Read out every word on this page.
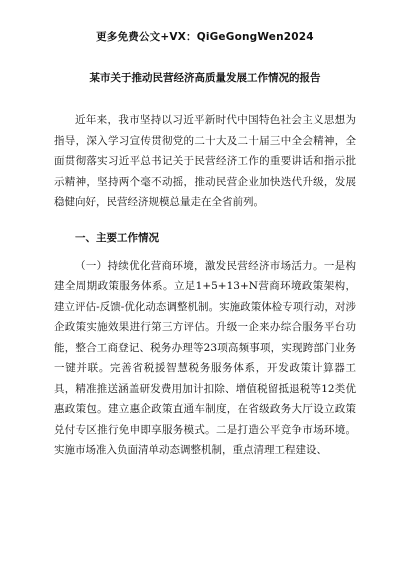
更多免费公文+VX：QiGeGongWen2024

某市关于推动民营经济高质量发展工作情况的报告

近年来，我市坚持以习近平新时代中国特色社会主义思想为指导，深入学习宣传贯彻党的二十大及二十届三中全会精神，全面贯彻落实习近平总书记关于民营经济工作的重要讲话和指示批示精神，坚持两个毫不动摇，推动民营企业加快迭代升级，发展稳健向好，民营经济规模总量走在全省前列。

一、主要工作情况

（一）持续优化营商环境，激发民营经济市场活力。一是构建全周期政策服务体系。立足1+5+13+N营商环境政策架构，建立评估-反馈-优化动态调整机制。实施政策体检专项行动，对涉企政策实施效果进行第三方评估。升级一企来办综合服务平台功能，整合工商登记、税务办理等23项高频事项，实现跨部门业务一键并联。完善省税援智慧税务服务体系，开发政策计算器工具，精准推送涵盖研发费用加计扣除、增值税留抵退税等12类优惠政策包。建立惠企政策直通车制度，在省级政务大厅设立政策兑付专区推行免申即享服务模式。二是打造公平竞争市场环境。实施市场准入负面清单动态调整机制，重点清理工程建设、
